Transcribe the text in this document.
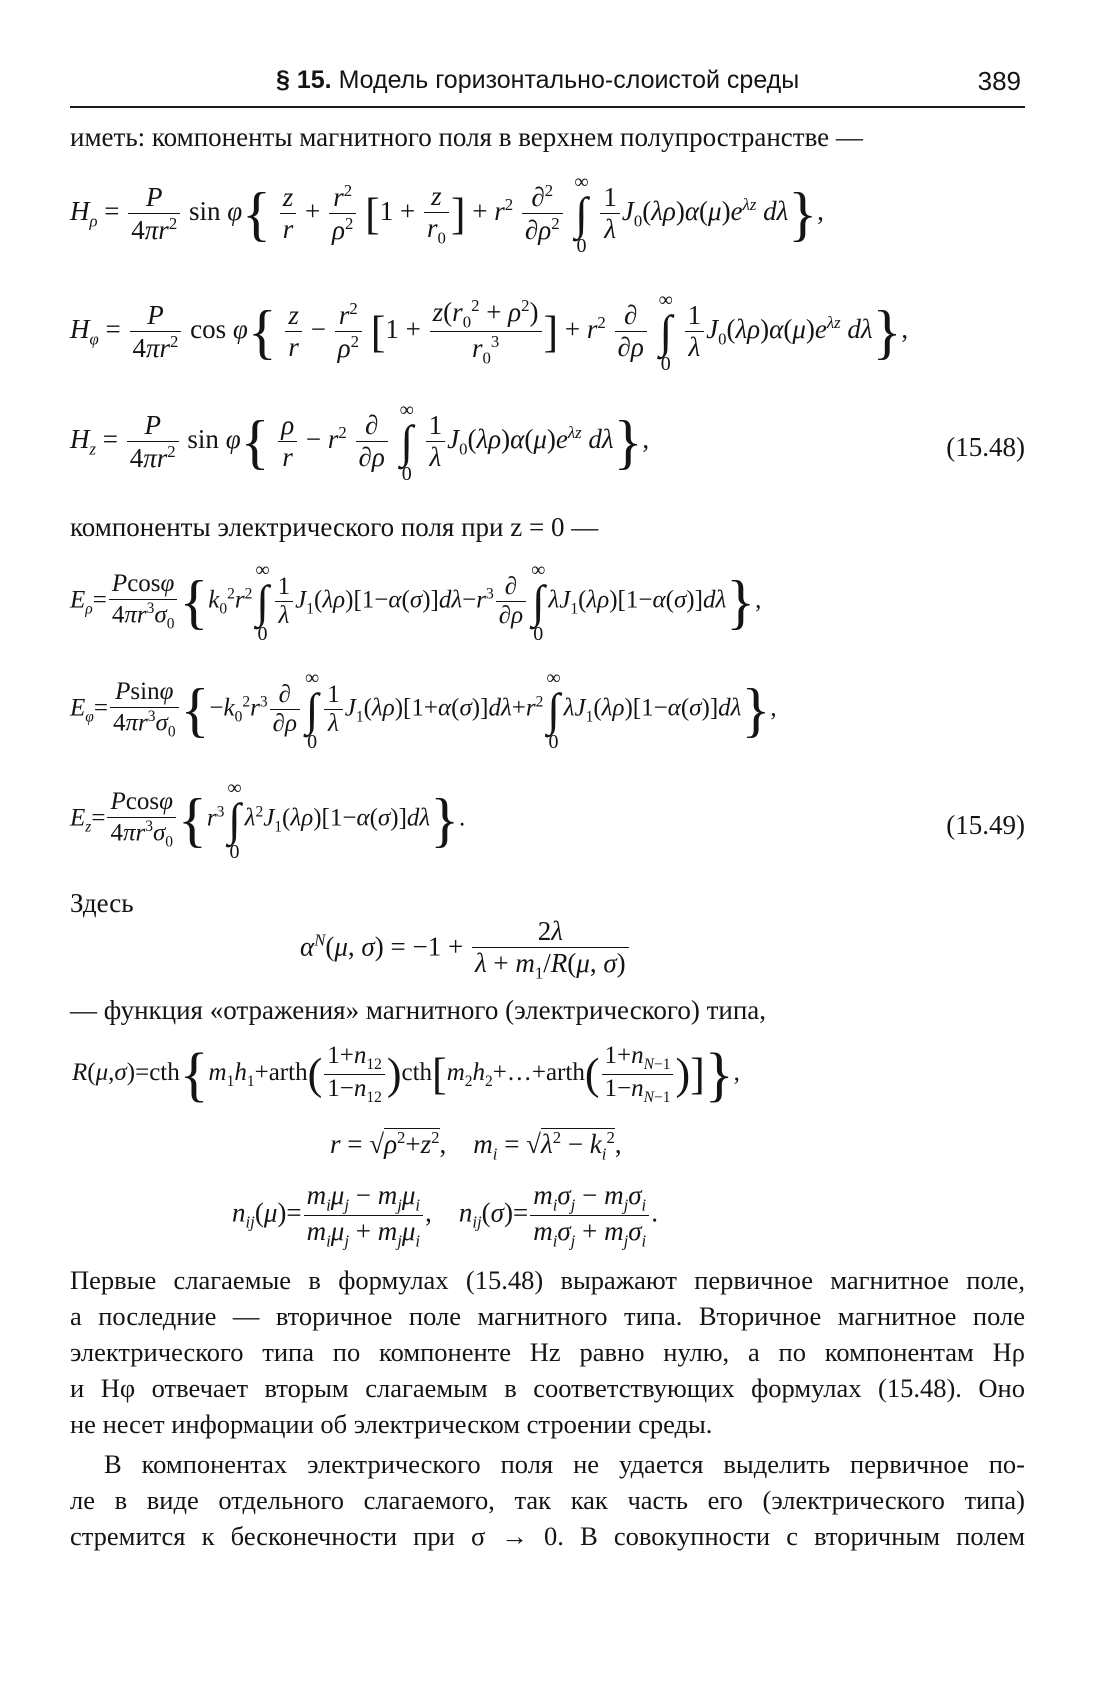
§ 15. Модель горизонтально-слоистой среды	389
иметь: компоненты магнитного поля в верхнем полупространстве —
$H_\rho = \frac{P}{4\pi r^2}$ $\sin \varphi\{ \frac{z}{r} + \frac{r^2}{\rho^2} [1 + \frac{z}{r_0}$ ] + $r^2 \frac{\partial^2}{\partial\rho^2}$ ∞
∫
0
$\frac{1}{\lambda} J_0(\lambda\rho)\alpha(\mu)e^{\lambda z}$ dλ},
$H_\varphi = \frac{P}{4\pi r^2}$ $\cos \varphi\{ \frac{z}{r} - \frac{r^2}{\rho^2} [1 + \frac{z(r_0^2 + \rho^2)}{r_0^3}$ ] + $r^2 \frac{\partial}{\partial\rho}$
∞
∫
0
$\frac{1}{\lambda} J_0(\lambda\rho)\alpha(\mu)e^{\lambda z}$ dλ},
$H_z = \frac{P}{4\pi r^2}$ $\sin \varphi\{ \frac{\rho}{r} - r^2 \frac{\partial}{\partial\rho}$
∞
∫
0
$\frac{1}{\lambda} J_0(\lambda\rho)\alpha(\mu)e^{\lambda z}$ dλ},	(15.48)
компоненты электрического поля при z = 0 —
$E_\rho= \frac{Pcos\varphi}{4\pi r^3\sigma_0} \{k_0^2r^2\infty$
∫
0
$\frac{1}{\lambda} J_1(\lambda\rho)[1-\alpha(\sigma)]d\lambda-r^3 \frac{\partial}{\partial\rho}$
∞
∫
$0\lambda J_1(\lambda\rho)[1-\alpha(\sigma)]d\lambda$},
$E_\varphi= \frac{Psin\varphi}{4\pi r^3\sigma_0} \{-k_0^2r^3 \frac{\partial}{\partial\rho}$
∞
∫
0
$\frac{1}{\lambda} J_1(\lambda\rho)[1+\alpha(\sigma)]d\lambda+r^2\infty$
∫
$0\lambda J_1(\lambda\rho)[1-\alpha(\sigma)]d\lambda$},
$E_z= \frac{Pcos\varphi}{4\pi r^3\sigma_0} \{r^3\infty$
∫
$0\lambda^2J_1(\lambda\rho)[1-\alpha(\sigma)]d\lambda$}.	(15.49)
Здесь
$\alpha^N(\mu$, $\sigma) = -1 + \frac{2\lambda}{\lambda + m_1/R(\mu, \sigma)}$
— функция «отражения» магнитного (электрического) типа,
$R(\mu,\sigma)=cth\{m_1h_1+arth( \frac{1+n_{12}}{1-n_{12}}$ )$cth[m_2h_2+\dots+arth( \frac{1+n_{N-1}}{1-n_{N-1}}$ )]},
$r = √\rho^2+z^2$,    $m_i = √\lambda^2 - k_i^2$,
$n_{ij}(\mu)= \frac{m_i\mu_j - m_j\mu_i}{m_i\mu_j + m_j\mu_i}$ ,    $n_{ij}(\sigma)= \frac{m_i\sigma_j - m_j\sigma_i}{m_i\sigma_j + m_j\sigma_i}$ .
Первые слагаемые в формулах (15.48) выражают первичное магнитное поле,
а последние — вторичное поле магнитного типа. Вторичное магнитное поле
электрического типа по компоненте Hz равно нулю, а по компонентам Hρ
и Hφ отвечает вторым слагаемым в соответствующих формулах (15.48). Оно
не несет информации об электрическом строении среды.
В компонентах электрического поля не удается выделить первичное по-
ле в виде отдельного слагаемого, так как часть его (электрического типа)
стремится к бесконечности при σ → 0. В совокупности с вторичным полем
